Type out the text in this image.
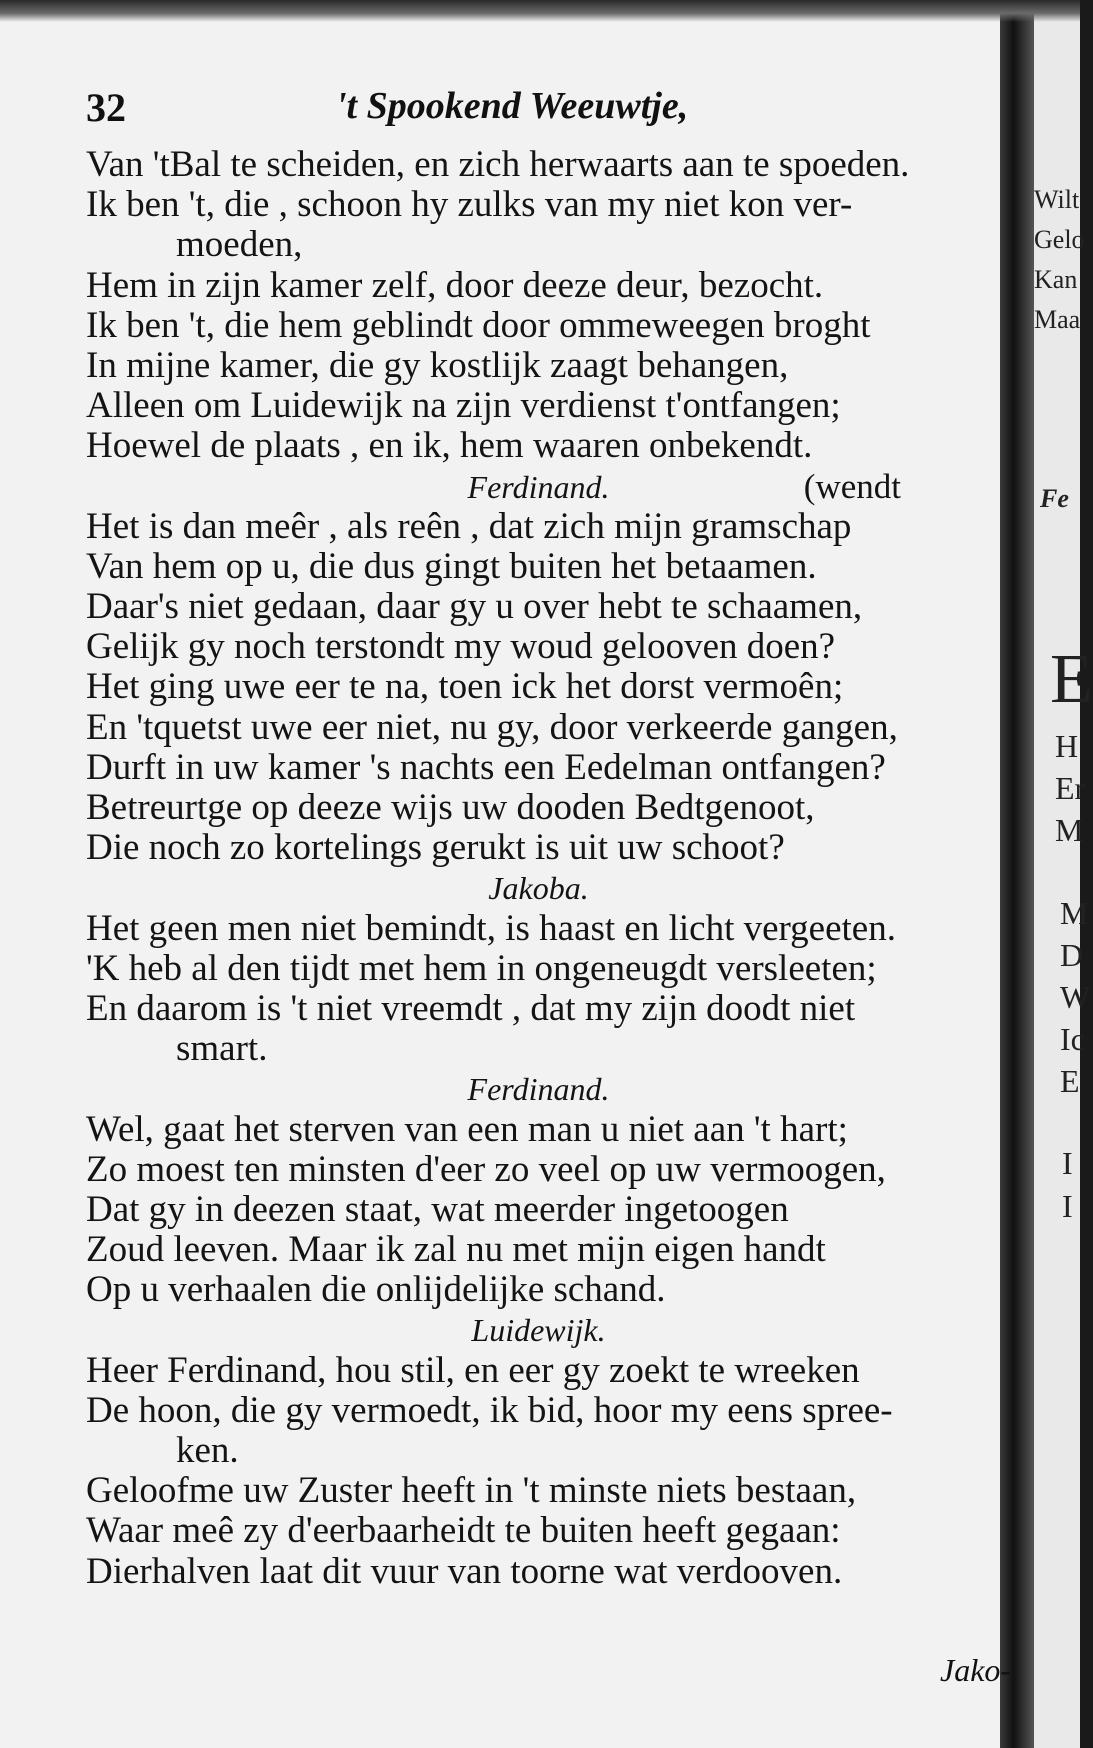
Wilt
Gelo
Kan
Maa
Fe
E
H
Er
M
M
D
W
Ic
E
I
I
32	't Spookend Weeuwtje,
Van 'tBal te scheiden, en zich herwaarts aan te spoeden.
Ik ben 't, die , schoon hy zulks van my niet kon ver-
moeden,
Hem in zijn kamer zelf, door deeze deur, bezocht.
Ik ben 't, die hem geblindt door ommeweegen broght
In mijne kamer, die gy kostlijk zaagt behangen,
Alleen om Luidewijk na zijn verdienst t'ontfangen;
Hoewel de plaats , en ik, hem waaren onbekendt.
Ferdinand.	(wendt
Het is dan meêr , als reên , dat zich mijn gramschap
Van hem op u, die dus gingt buiten het betaamen.
Daar's niet gedaan, daar gy u over hebt te schaamen,
Gelijk gy noch terstondt my woud gelooven doen?
Het ging uwe eer te na, toen ick het dorst vermoên;
En 'tquetst uwe eer niet, nu gy, door verkeerde gangen,
Durft in uw kamer 's nachts een Eedelman ontfangen?
Betreurtge op deeze wijs uw dooden Bedtgenoot,
Die noch zo kortelings gerukt is uit uw schoot?
Jakoba.
Het geen men niet bemindt, is haast en licht vergeeten.
'K heb al den tijdt met hem in ongeneugdt versleeten;
En daarom is 't niet vreemdt , dat my zijn doodt niet
smart.
Ferdinand.
Wel, gaat het sterven van een man u niet aan 't hart;
Zo moest ten minsten d'eer zo veel op uw vermoogen,
Dat gy in deezen staat, wat meerder ingetoogen
Zoud leeven. Maar ik zal nu met mijn eigen handt
Op u verhaalen die onlijdelijke schand.
Luidewijk.
Heer Ferdinand, hou stil, en eer gy zoekt te wreeken
De hoon, die gy vermoedt, ik bid, hoor my eens spree-
ken.
Geloofme uw Zuster heeft in 't minste niets bestaan,
Waar meê zy d'eerbaarheidt te buiten heeft gegaan:
Dierhalven laat dit vuur van toorne wat verdooven.
Jako-
